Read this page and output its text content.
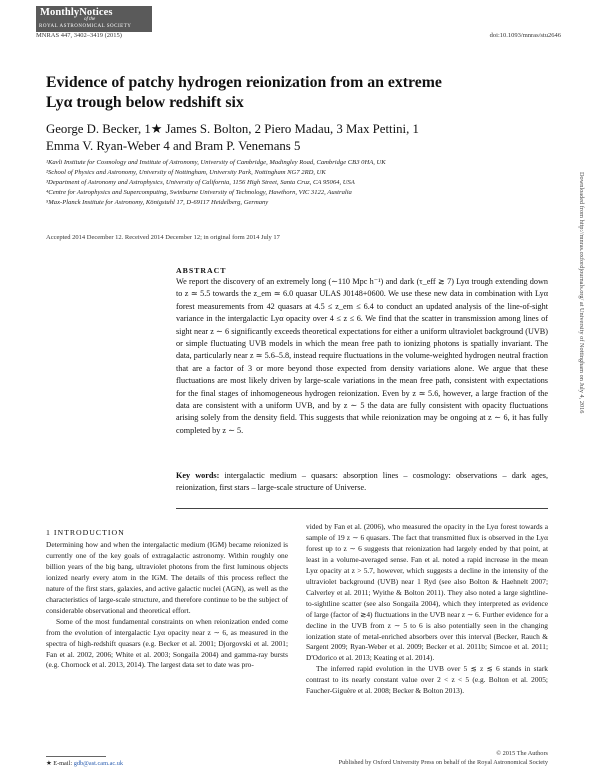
MonthlyNotices
of the
ROYAL ASTRONOMICAL SOCIETY
MNRAS 447, 3402–3419 (2015)	doi:10.1093/mnras/stu2646
Evidence of patchy hydrogen reionization from an extreme
Lyα trough below redshift six
George D. Becker, 1★ James S. Bolton, 2 Piero Madau, 3 Max Pettini, 1
Emma V. Ryan-Weber 4 and Bram P. Venemans 5
¹Kavli Institute for Cosmology and Institute of Astronomy, University of Cambridge, Madingley Road, Cambridge CB3 0HA, UK
²School of Physics and Astronomy, University of Nottingham, University Park, Nottingham NG7 2RD, UK
³Department of Astronomy and Astrophysics, University of California, 1156 High Street, Santa Cruz, CA 95064, USA
⁴Centre for Astrophysics and Supercomputing, Swinburne University of Technology, Hawthorn, VIC 3122, Australia
⁵Max-Planck Institute for Astronomy, Königstuhl 17, D-69117 Heidelberg, Germany
Accepted 2014 December 12. Received 2014 December 12; in original form 2014 July 17
ABSTRACT
We report the discovery of an extremely long (∼110 Mpc h⁻¹) and dark (τ_eff ≳ 7) Lyα trough extending down to z ≃ 5.5 towards the z_em ≃ 6.0 quasar ULAS J0148+0600. We use these new data in combination with Lyα forest measurements from 42 quasars at 4.5 ≤ z_em ≤ 6.4 to conduct an updated analysis of the line-of-sight variance in the intergalactic Lyα opacity over 4 ≤ z ≤ 6. We find that the scatter in transmission among lines of sight near z ∼ 6 significantly exceeds theoretical expectations for either a uniform ultraviolet background (UVB) or simple fluctuating UVB models in which the mean free path to ionizing photons is spatially invariant. The data, particularly near z ≃ 5.6–5.8, instead require fluctuations in the volume-weighted hydrogen neutral fraction that are a factor of 3 or more beyond those expected from density variations alone. We argue that these fluctuations are most likely driven by large-scale variations in the mean free path, consistent with expectations for the final stages of inhomogeneous hydrogen reionization. Even by z ≃ 5.6, however, a large fraction of the data are consistent with a uniform UVB, and by z ∼ 5 the data are fully consistent with opacity fluctuations arising solely from the density field. This suggests that while reionization may be ongoing at z ∼ 6, it has fully completed by z ∼ 5.
Key words: intergalactic medium – quasars: absorption lines – cosmology: observations – dark ages, reionization, first stars – large-scale structure of Universe.
1 INTRODUCTION

Determining how and when the intergalactic medium (IGM) became reionized is currently one of the key goals of extragalactic astronomy. Within roughly one billion years of the big bang, ultraviolet photons from the first luminous objects ionized nearly every atom in the IGM. The details of this process reflect the nature of the first stars, galaxies, and active galactic nuclei (AGN), as well as the characteristics of large-scale structure, and therefore continue to be the subject of considerable observational and theoretical effort.

Some of the most fundamental constraints on when reionization ended come from the evolution of intergalactic Lyα opacity near z ∼ 6, as measured in the spectra of high-redshift quasars (e.g. Becker et al. 2001; Djorgovski et al. 2001; Fan et al. 2002, 2006; White et al. 2003; Songaila 2004) and gamma-ray bursts (e.g. Chornock et al. 2013, 2014). The largest data set to date was pro-

vided by Fan et al. (2006), who measured the opacity in the Lyα forest towards a sample of 19 z ∼ 6 quasars. The fact that transmitted flux is observed in the Lyα forest up to z ∼ 6 suggests that reionization had largely ended by that point, at least in a volume-averaged sense. Fan et al. noted a rapid increase in the mean Lyα opacity at z > 5.7, however, which suggests a decline in the intensity of the ultraviolet background (UVB) near 1 Ryd (see also Bolton & Haehnelt 2007; Calverley et al. 2011; Wyithe & Bolton 2011). They also noted a large sightline-to-sightline scatter (see also Songaila 2004), which they interpreted as evidence of large (factor of ≳4) fluctuations in the UVB near z ∼ 6. Further evidence for a decline in the UVB from z ∼ 5 to 6 is also potentially seen in the changing ionization state of metal-enriched absorbers over this interval (Becker, Rauch & Sargent 2009; Ryan-Weber et al. 2009; Becker et al. 2011b; Simcoe et al. 2011; D'Odorico et al. 2013; Keating et al. 2014).

The inferred rapid evolution in the UVB over 5 ≲ z ≲ 6 stands in stark contrast to its nearly constant value over 2 < z < 5 (e.g. Bolton et al. 2005; Faucher-Giguère et al. 2008; Becker & Bolton 2013).

★ E-mail: gdb@ast.cam.ac.uk
© 2015 The Authors
Published by Oxford University Press on behalf of the Royal Astronomical Society
Downloaded from http://mnras.oxfordjournals.org/ at University of Nottingham on July 4, 2016
